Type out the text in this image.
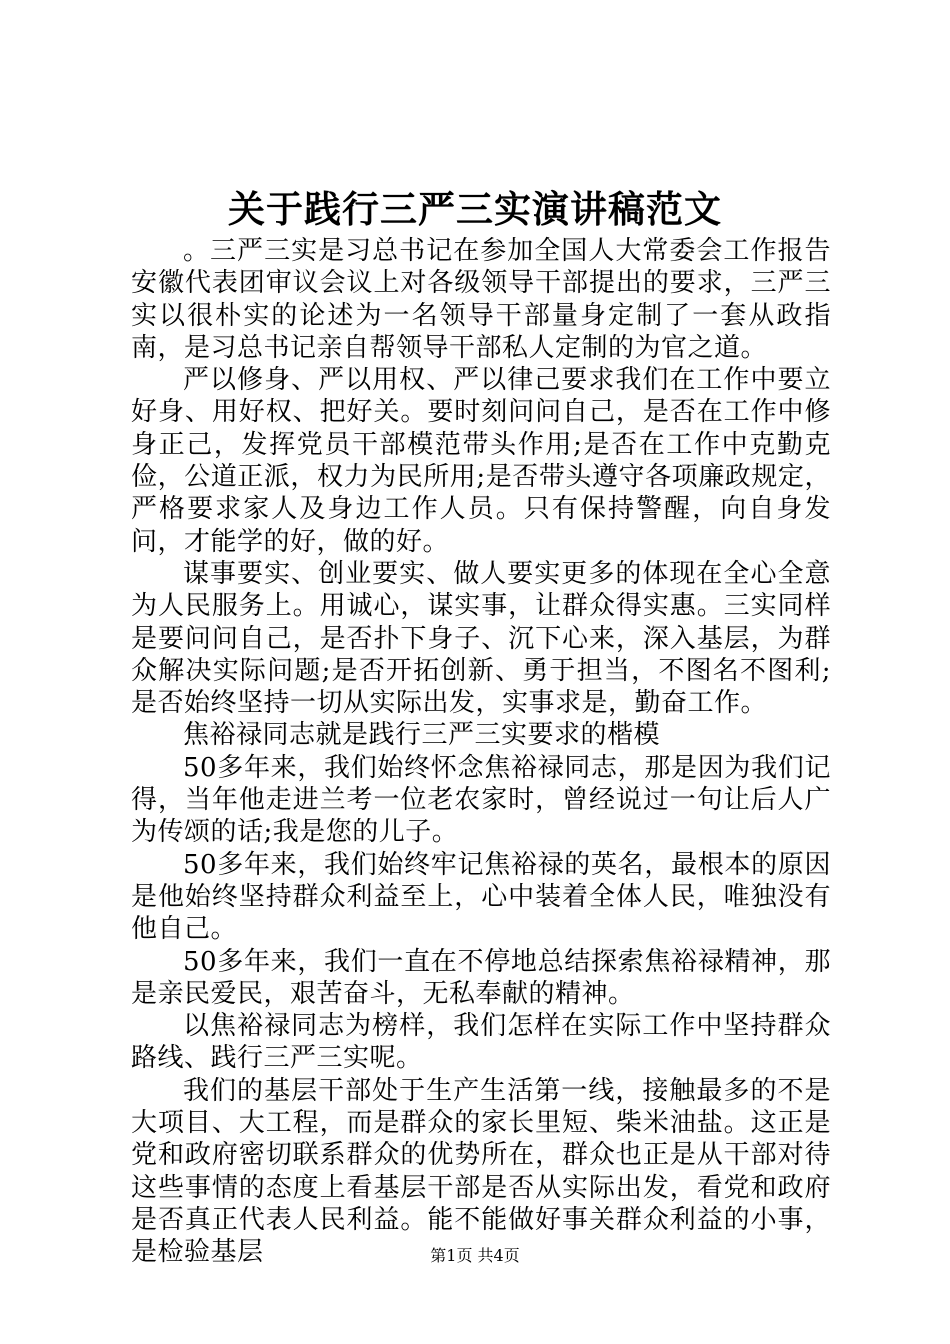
关于践行三严三实演讲稿范文

。三严三实是习总书记在参加全国人大常委会工作报告安徽代表团审议会议上对各级领导干部提出的要求，三严三实以很朴实的论述为一名领导干部量身定制了一套从政指南，是习总书记亲自帮领导干部私人定制的为官之道。

严以修身、严以用权、严以律己要求我们在工作中要立好身、用好权、把好关。要时刻问问自己，是否在工作中修身正己，发挥党员干部模范带头作用;是否在工作中克勤克俭，公道正派，权力为民所用;是否带头遵守各项廉政规定，严格要求家人及身边工作人员。只有保持警醒，向自身发问，才能学的好，做的好。

谋事要实、创业要实、做人要实更多的体现在全心全意为人民服务上。用诚心，谋实事，让群众得实惠。三实同样是要问问自己，是否扑下身子、沉下心来，深入基层，为群众解决实际问题;是否开拓创新、勇于担当，不图名不图利;是否始终坚持一切从实际出发，实事求是，勤奋工作。

焦裕禄同志就是践行三严三实要求的楷模

50多年来，我们始终怀念焦裕禄同志，那是因为我们记得，当年他走进兰考一位老农家时，曾经说过一句让后人广为传颂的话;我是您的儿子。

50多年来，我们始终牢记焦裕禄的英名，最根本的原因是他始终坚持群众利益至上，心中装着全体人民，唯独没有他自己。

50多年来，我们一直在不停地总结探索焦裕禄精神，那是亲民爱民，艰苦奋斗，无私奉献的精神。

以焦裕禄同志为榜样，我们怎样在实际工作中坚持群众路线、践行三严三实呢。

我们的基层干部处于生产生活第一线，接触最多的不是大项目、大工程，而是群众的家长里短、柴米油盐。这正是党和政府密切联系群众的优势所在，群众也正是从干部对待这些事情的态度上看基层干部是否从实际出发，看党和政府是否真正代表人民利益。能不能做好事关群众利益的小事，是检验基层	第1页 共4页
